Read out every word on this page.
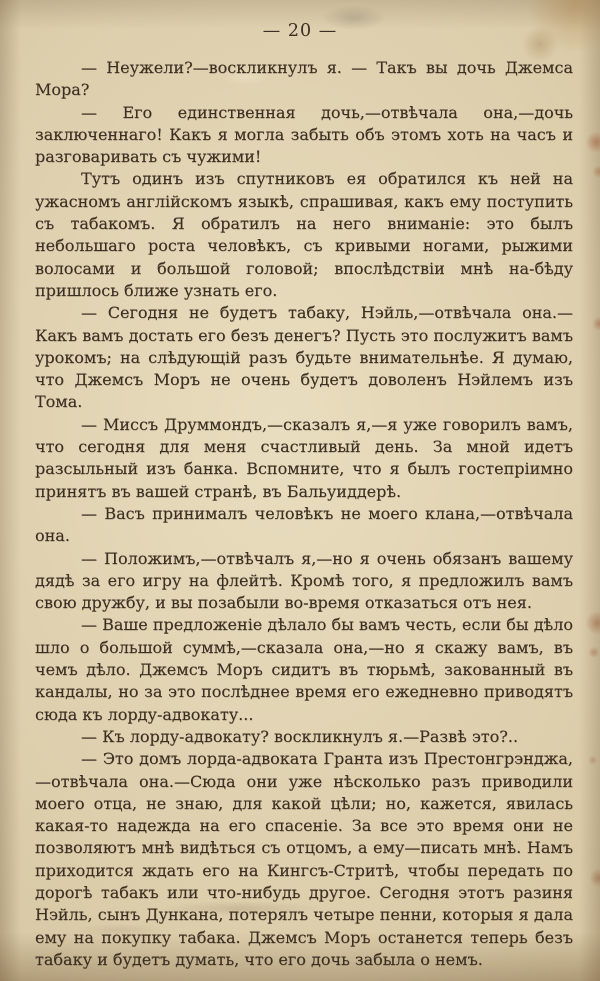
— 20 —

— Неужели?—воскликнулъ я. — Такъ вы дочь Джемса Мора?

— Его единственная дочь,—отвѣчала она,—дочь заключеннаго! Какъ я могла забыть объ этомъ хоть на часъ и разговаривать съ чужими!

Тутъ одинъ изъ спутниковъ ея обратился къ ней на ужасномъ англійскомъ языкѣ, спрашивая, какъ ему поступить съ табакомъ. Я обратилъ на него вниманіе: это былъ небольшаго роста человѣкъ, съ кривыми ногами, рыжими волосами и большой головой; впослѣдствіи мнѣ на-бѣду пришлось ближе узнать его.

— Сегодня не будетъ табаку, Нэйль,—отвѣчала она.—Какъ вамъ достать его безъ денегъ? Пусть это послужитъ вамъ урокомъ; на слѣдующій разъ будьте внимательнѣе. Я думаю, что Джемсъ Моръ не очень будетъ доволенъ Нэйлемъ изъ Тома.

— Миссъ Друммондъ,—сказалъ я,—я уже говорилъ вамъ, что сегодня для меня счастливый день. За мной идетъ разсыльный изъ банка. Вспомните, что я былъ гостепріимно принятъ въ вашей странѣ, въ Бальуиддерѣ.

— Васъ принималъ человѣкъ не моего клана,—отвѣчала она.

— Положимъ,—отвѣчалъ я,—но я очень обязанъ вашему дядѣ за его игру на флейтѣ. Кромѣ того, я предложилъ вамъ свою дружбу, и вы позабыли во-время отказаться отъ нея.

— Ваше предложеніе дѣлало бы вамъ честь, если бы дѣло шло о большой суммѣ,—сказала она,—но я скажу вамъ, въ чемъ дѣло. Джемсъ Моръ сидитъ въ тюрьмѣ, закованный въ кандалы, но за это послѣднее время его ежедневно приводятъ сюда къ лорду-адвокату...

— Къ лорду-адвокату? воскликнулъ я.—Развѣ это?..

— Это домъ лорда-адвоката Гранта изъ Престонгрэнджа,—отвѣчала она.—Сюда они уже нѣсколько разъ приводили моего отца, не знаю, для какой цѣли; но, кажется, явилась какая-то надежда на его спасеніе. За все это время они не позволяютъ мнѣ видѣться съ отцомъ, а ему—писать мнѣ. Намъ приходится ждать его на Кингсъ-Стритѣ, чтобы передать по дорогѣ табакъ или что-нибудь другое. Сегодня этотъ разиня Нэйль, сынъ Дункана, потерялъ четыре пенни, которыя я дала ему на покупку табака. Джемсъ Моръ останется теперь безъ табаку и будетъ думать, что его дочь забыла о немъ.
